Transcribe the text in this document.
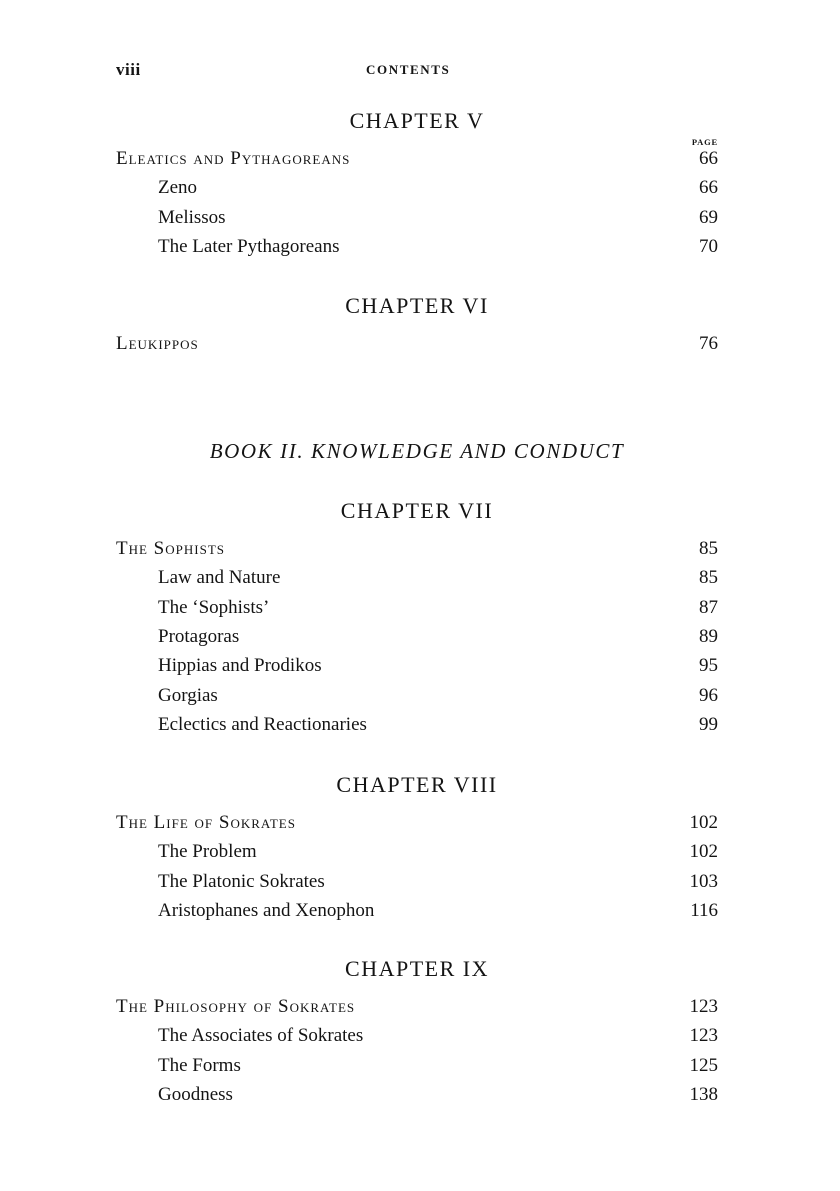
viii	CONTENTS
CHAPTER V
PAGE
Eleatics and Pythagoreans	66
Zeno	66
Melissos	69
The Later Pythagoreans	70
CHAPTER VI
Leukippos	76
BOOK II. KNOWLEDGE AND CONDUCT
CHAPTER VII
The Sophists	85
Law and Nature	85
The ‘Sophists’	87
Protagoras	89
Hippias and Prodikos	95
Gorgias	96
Eclectics and Reactionaries	99
CHAPTER VIII
The Life of Sokrates	102
The Problem	102
The Platonic Sokrates	103
Aristophanes and Xenophon	116
CHAPTER IX
The Philosophy of Sokrates	123
The Associates of Sokrates	123
The Forms	125
Goodness	138
